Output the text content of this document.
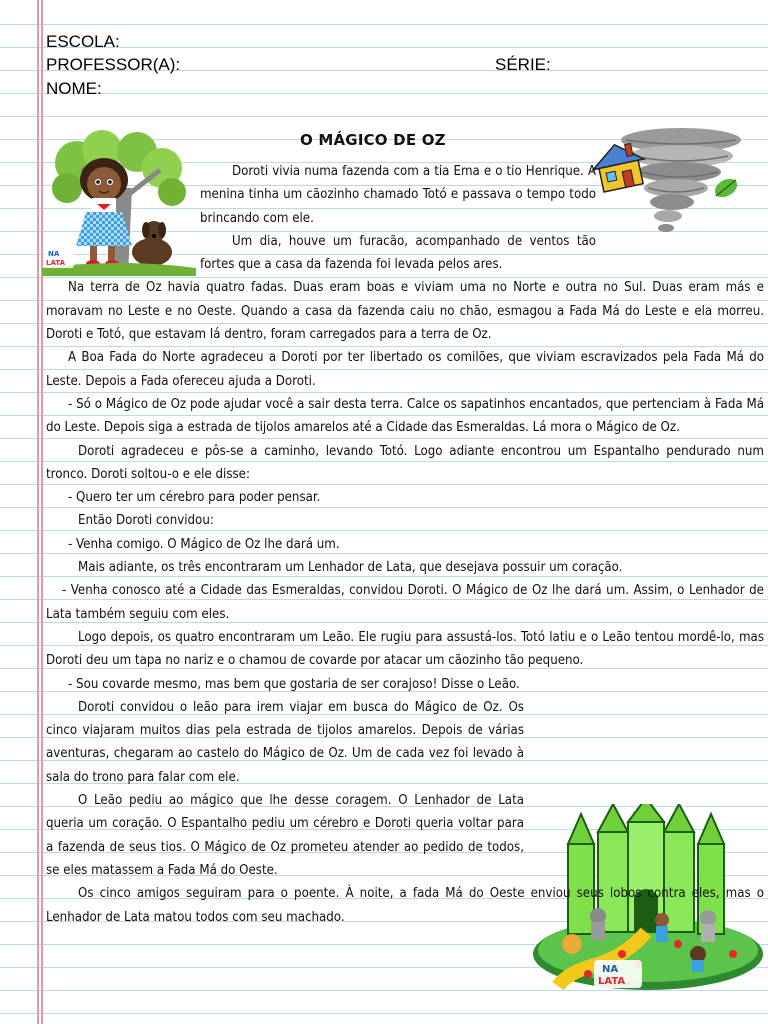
ESCOLA:
PROFESSOR(A):	SÉRIE:
NOME:
O MÁGICO DE OZ
NA
LATA
NA
LATA

Doroti vivia numa fazenda com a tia Ema e o tio Henrique. A menina tinha um cãozinho chamado Totó e passava o tempo todo brincando com ele.

Um dia, houve um furacão, acompanhado de ventos tão fortes que a casa da fazenda foi levada pelos ares.

Na terra de Oz havia quatro fadas. Duas eram boas e viviam uma no Norte e outra no Sul. Duas eram más e moravam no Leste e no Oeste. Quando a casa da fazenda caiu no chão, esmagou a Fada Má do Leste e ela morreu. Doroti e Totó, que estavam lá dentro, foram carregados para a terra de Oz.

A Boa Fada do Norte agradeceu a Doroti por ter libertado os comilões, que viviam escravizados pela Fada Má do Leste. Depois a Fada ofereceu ajuda a Doroti.

- Só o Mágico de Oz pode ajudar você a sair desta terra. Calce os sapatinhos encantados, que pertenciam à Fada Má do Leste. Depois siga a estrada de tijolos amarelos até a Cidade das Esmeraldas. Lá mora o Mágico de Oz.

Doroti agradeceu e pôs-se a caminho, levando Totó. Logo adiante encontrou um Espantalho pendurado num tronco. Doroti soltou-o e ele disse:

- Quero ter um cérebro para poder pensar.

Então Doroti convidou:

- Venha comigo. O Mágico de Oz lhe dará um.

Mais adiante, os três encontraram um Lenhador de Lata, que desejava possuir um coração.

- Venha conosco até a Cidade das Esmeraldas, convidou Doroti. O Mágico de Oz lhe dará um. Assim, o Lenhador de Lata também seguiu com eles.

Logo depois, os quatro encontraram um Leão. Ele rugiu para assustá-los. Totó latiu e o Leão tentou mordê-lo, mas Doroti deu um tapa no nariz e o chamou de covarde por atacar um cãozinho tão pequeno.

- Sou covarde mesmo, mas bem que gostaria de ser corajoso! Disse o Leão.

Doroti convidou o leão para irem viajar em busca do Mágico de Oz. Os cinco viajaram muitos dias pela estrada de tijolos amarelos. Depois de várias aventuras, chegaram ao castelo do Mágico de Oz. Um de cada vez foi levado à sala do trono para falar com ele.

O Leão pediu ao mágico que lhe desse coragem. O Lenhador de Lata queria um coração. O Espantalho pediu um cérebro e Doroti queria voltar para a fazenda de seus tios. O Mágico de Oz prometeu atender ao pedido de todos, se eles matassem a Fada Má do Oeste.

Os cinco amigos seguiram para o poente. À noite, a fada Má do Oeste enviou seus lobos contra eles, mas o Lenhador de Lata matou todos com seu machado.
